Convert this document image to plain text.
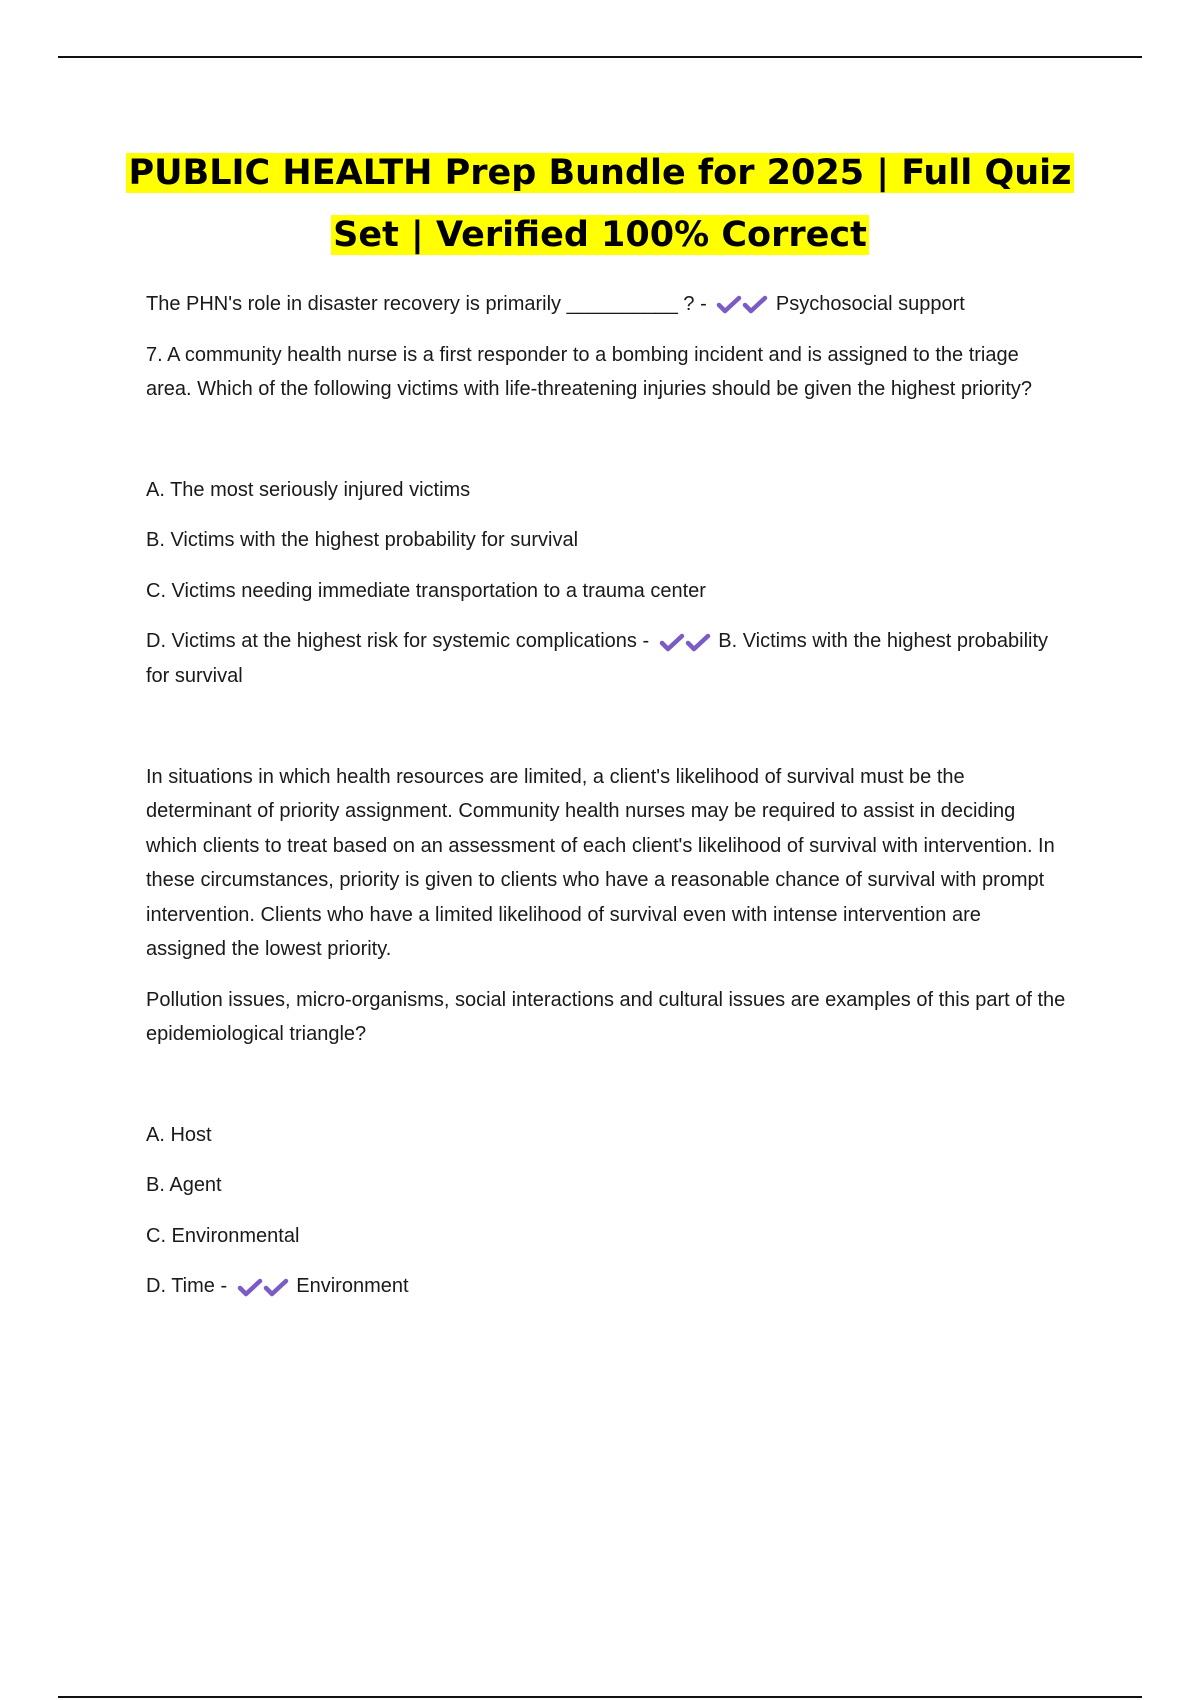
PUBLIC HEALTH Prep Bundle for 2025 | Full Quiz
Set | Verified 100% Correct

The PHN's role in disaster recovery is primarily __________ ? -	Psychosocial support

7. A community health nurse is a first responder to a bombing incident and is assigned to the triage area. Which of the following victims with life-threatening injuries should be given the highest priority?

A. The most seriously injured victims

B. Victims with the highest probability for survival

C. Victims needing immediate transportation to a trauma center

D. Victims at the highest risk for systemic complications -	B. Victims with the highest probability for survival

In situations in which health resources are limited, a client's likelihood of survival must be the determinant of priority assignment. Community health nurses may be required to assist in deciding which clients to treat based on an assessment of each client's likelihood of survival with intervention. In these circumstances, priority is given to clients who have a reasonable chance of survival with prompt intervention. Clients who have a limited likelihood of survival even with intense intervention are assigned the lowest priority.

Pollution issues, micro-organisms, social interactions and cultural issues are examples of this part of the epidemiological triangle?

A. Host

B. Agent

C. Environmental

D. Time -	Environment
